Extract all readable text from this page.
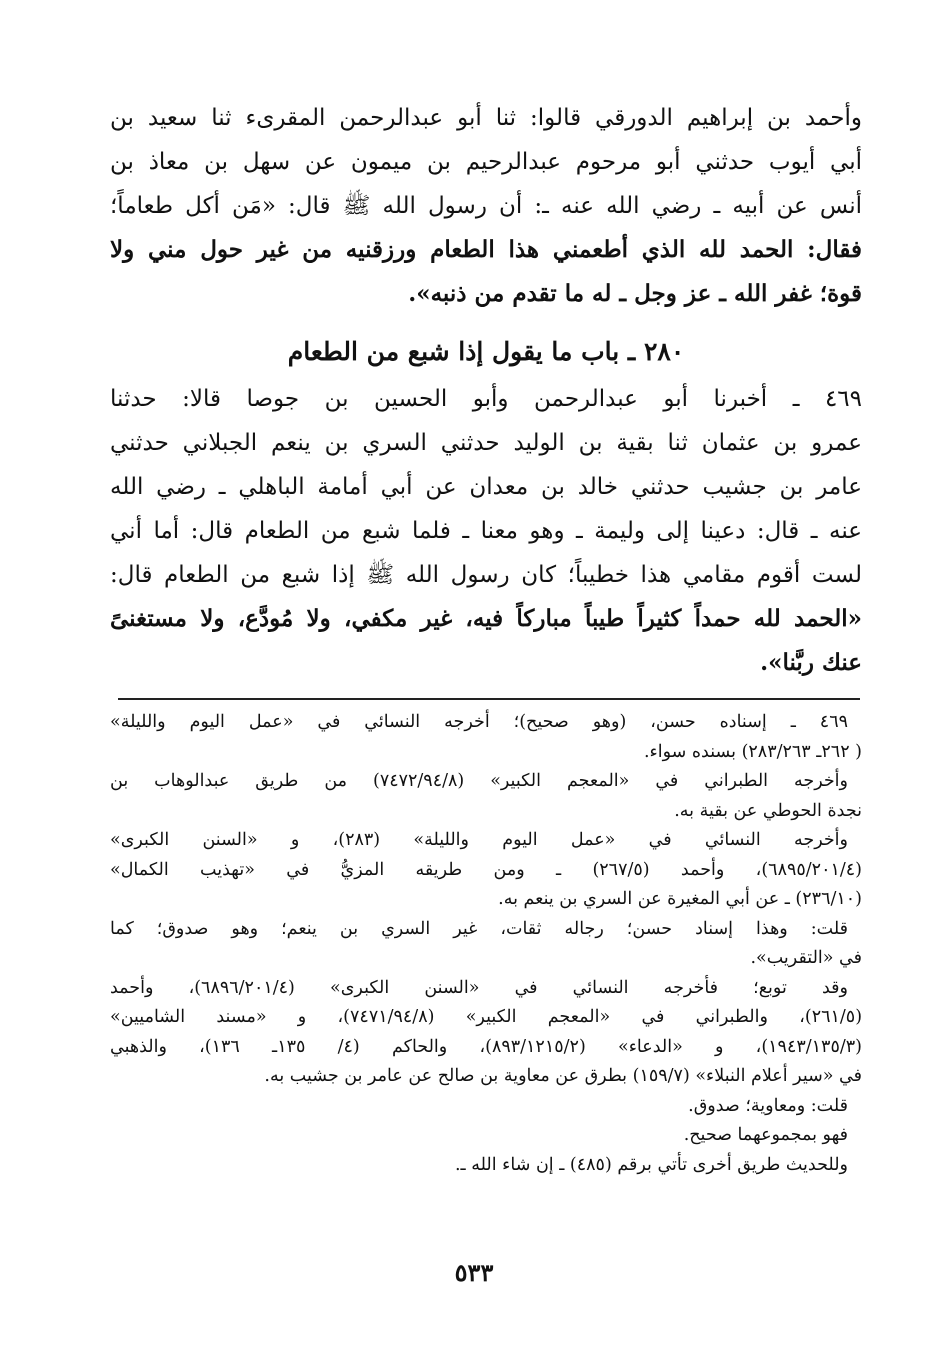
وأحمد بن إبراهيم الدورقي قالوا: ثنا أبو عبدالرحمن المقرىء ثنا سعيد بن
أبي أيوب حدثني أبو مرحوم عبدالرحيم بن ميمون عن سهل بن معاذ بن
أنس عن أبيه ـ رضي الله عنه ـ: أن رسول الله ﷺ قال: «مَن أكل طعاماً؛
فقال: الحمد لله الذي أطعمني هذا الطعام ورزقنيه من غير حول مني ولا
قوة؛ غفر الله ـ عز وجل ـ له ما تقدم من ذنبه».
٢٨٠ ـ باب ما يقول إذا شبع من الطعام
٤٦٩ ـ أخبرنا أبو عبدالرحمن وأبو الحسين بن جوصا قالا: حدثنا
عمرو بن عثمان ثنا بقية بن الوليد حدثني السري بن ينعم الجبلاني حدثني
عامر بن جشيب حدثني خالد بن معدان عن أبي أمامة الباهلي ـ رضي الله
عنه ـ قال: دعينا إلى وليمة ـ وهو معنا ـ فلما شبع من الطعام قال: أما أني
لست أقوم مقامي هذا خطيباً؛ كان رسول الله ﷺ إذا شبع من الطعام قال:
«الحمد لله حمداً كثيراً طيباً مباركاً فيه، غير مكفي، ولا مُودَّع، ولا مستغنىً
عنك ربَّنا».
٤٦٩ ـ إسناده حسن، (وهو صحيح)؛ أخرجه النسائي في «عمل اليوم والليلة»
( ٢٦٢ـ ٢٨٣/٢٦٣) بسنده سواء.
وأخرجه الطبراني في «المعجم الكبير» (٧٤٧٢/٩٤/٨) من طريق عبدالوهاب بن
نجدة الحوطي عن بقية به.
وأخرجه النسائي في «عمل اليوم والليلة» (٢٨٣)، و «السنن الكبرى»
(٦٨٩٥/٢٠١/٤)، وأحمد (٢٦٧/٥) ـ ومن طريقه المزيُّ في «تهذيب الكمال»
(٢٣٦/١٠) ـ عن أبي المغيرة عن السري بن ينعم به.
قلت: وهذا إسناد حسن؛ رجاله ثقات، غير السري بن ينعم؛ وهو صدوق؛ كما
في «التقريب».
وقد توبع؛ فأخرجه النسائي في «السنن الكبرى» (٦٨٩٦/٢٠١/٤)، وأحمد
(٢٦١/٥)، والطبراني في «المعجم الكبير» (٧٤٧١/٩٤/٨)، و «مسند الشاميين»
(١٩٤٣/١٣٥/٣)، و «الدعاء» (٨٩٣/١٢١٥/٢)، والحاكم (٤/ ١٣٥ـ ١٣٦)، والذهبي
في «سير أعلام النبلاء» (١٥٩/٧) بطرق عن معاوية بن صالح عن عامر بن جشيب به.
قلت: ومعاوية؛ صدوق.
فهو بمجموعهما صحيح.
وللحديث طريق أخرى تأتي برقم (٤٨٥) ـ إن شاء الله ـ.
٥٣٣
